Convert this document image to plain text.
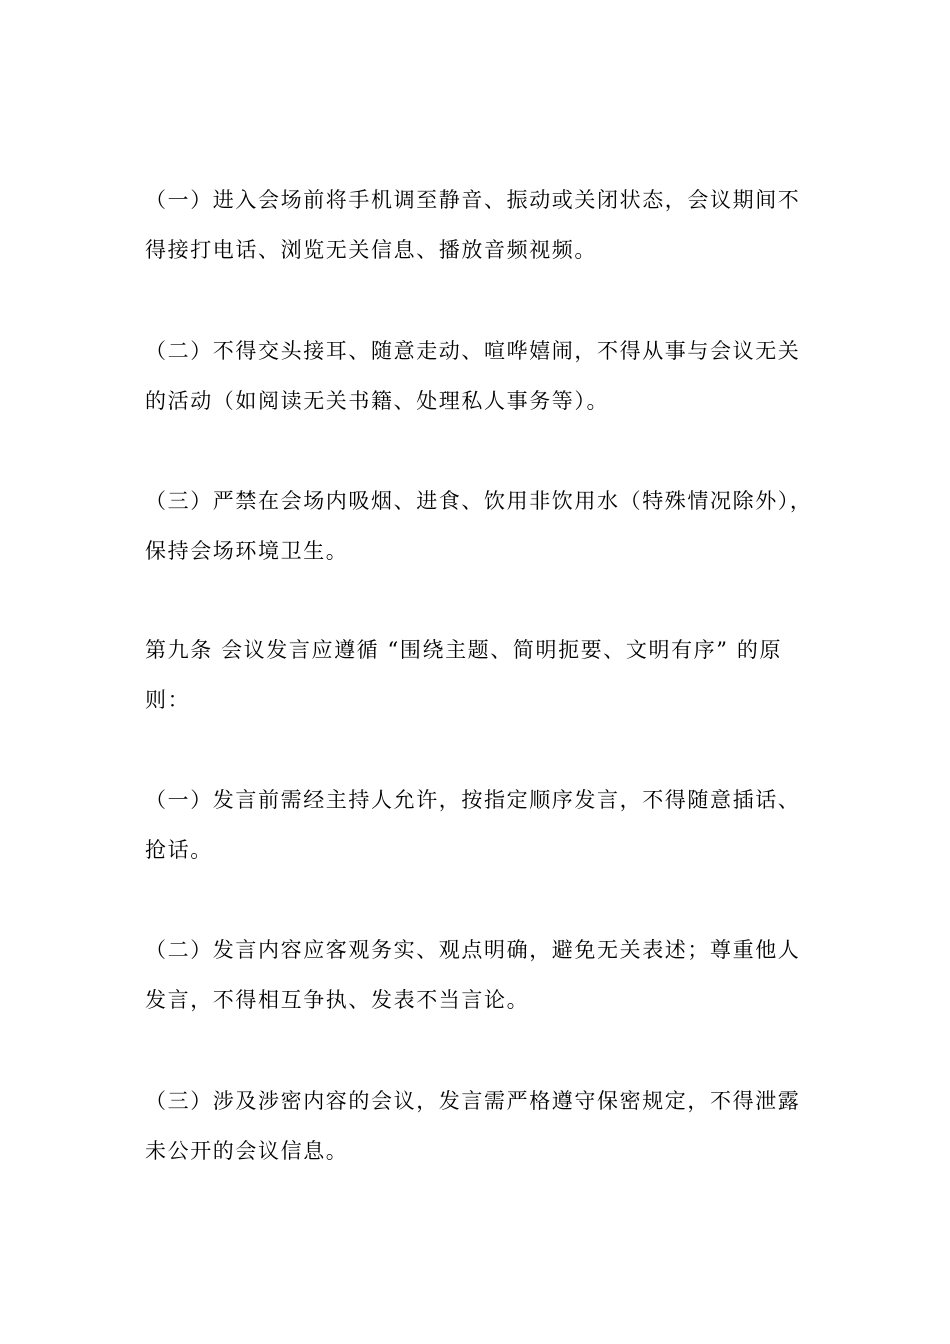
（一）进入会场前将手机调至静音、振动或关闭状态，会议期间不
得接打电话、浏览无关信息、播放音频视频。

（二）不得交头接耳、随意走动、喧哗嬉闹，不得从事与会议无关
的活动（如阅读无关书籍、处理私人事务等）。

（三）严禁在会场内吸烟、进食、饮用非饮用水（特殊情况除外），
保持会场环境卫生。

第九条 会议发言应遵循 “围绕主题、简明扼要、文明有序” 的原
则：

（一）发言前需经主持人允许，按指定顺序发言，不得随意插话、
抢话。

（二）发言内容应客观务实、观点明确，避免无关表述；尊重他人
发言，不得相互争执、发表不当言论。

（三）涉及涉密内容的会议，发言需严格遵守保密规定，不得泄露
未公开的会议信息。
